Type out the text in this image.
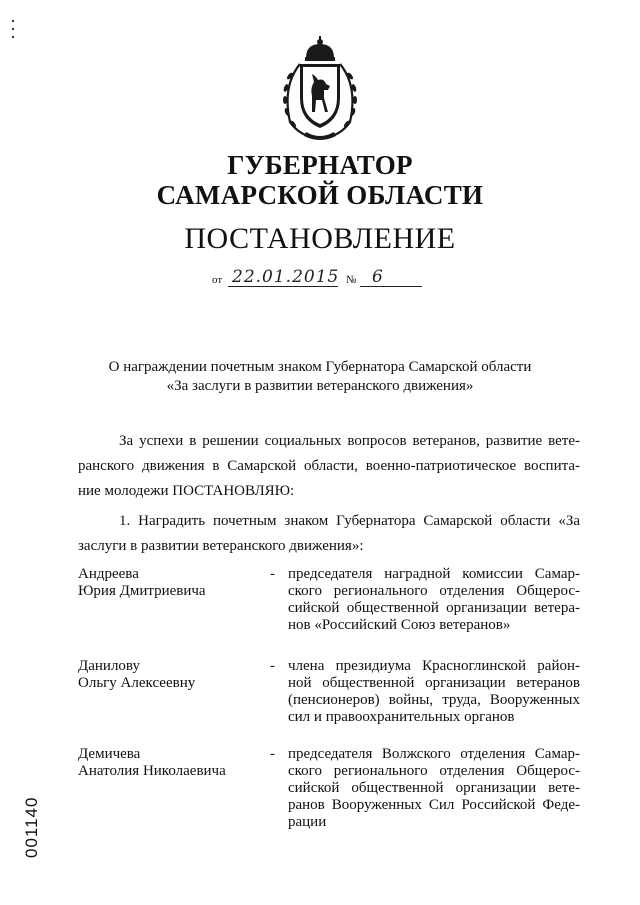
ГУБЕРНАТОР
САМАРСКОЙ ОБЛАСТИ
ПОСТАНОВЛЕНИЕ
от 22.01.2015 № 6
О награждении почетным знаком Губернатора Самарской области
«За заслуги в развитии ветеранского движения»
За успехи в решении социальных вопросов ветеранов, развитие вете-
ранского движения в Самарской области, военно-патриотическое воспита-
ние молодежи ПОСТАНОВЛЯЮ:
1. Наградить почетным знаком Губернатора Самарской области «За
заслуги в развитии ветеранского движения»:
Андреева
Юрия Дмитриевича
- председателя наградной комиссии Самар-
ского регионального отделения Общерос-
сийской общественной организации ветера-
нов «Российский Союз ветеранов»
Данилову
Ольгу Алексеевну
- члена президиума Красноглинской район-
ной общественной организации ветеранов
(пенсионеров) войны, труда, Вооруженных
сил и правоохранительных органов
Демичева
Анатолия Николаевича
- председателя Волжского отделения Самар-
ского регионального отделения Общерос-
сийской общественной организации вете-
ранов Вооруженных Сил Российской Феде-
рации
001140
